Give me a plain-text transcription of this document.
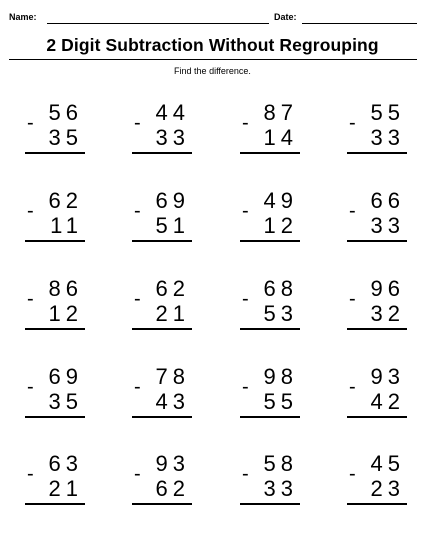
Name:	Date:
2 Digit Subtraction Without Regrouping
Find the difference.
56
-
35
44
-
33
87
-
14
55
-
33
62
-
11
69
-
51
49
-
12
66
-
33
86
-
12
62
-
21
68
-
53
96
-
32
69
-
35
78
-
43
98
-
55
93
-
42
63
-
21
93
-
62
58
-
33
45
-
23
